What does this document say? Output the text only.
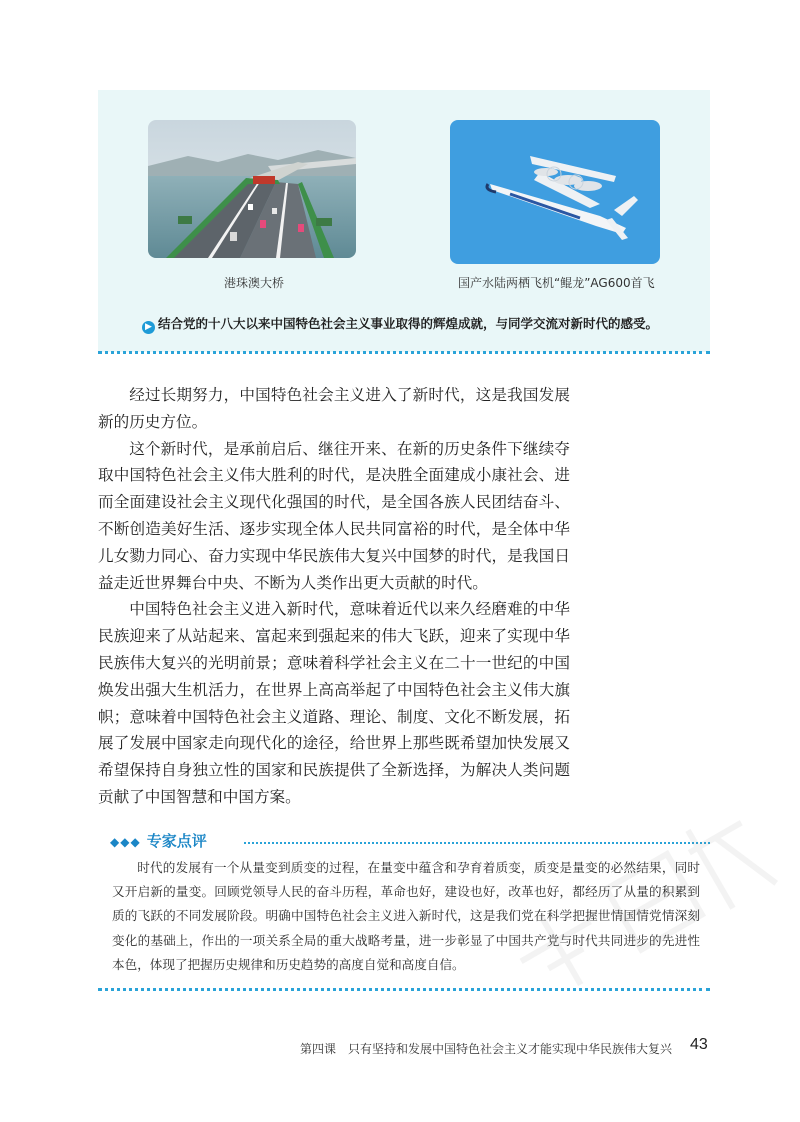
港珠澳大桥	国产水陆两栖飞机“鲲龙”AG600首飞
▶ 结合党的十八大以来中国特色社会主义事业取得的辉煌成就，与同学交流对新时代的感受。

经过长期努力，中国特色社会主义进入了新时代，这是我国发展新的历史方位。

这个新时代，是承前启后、继往开来、在新的历史条件下继续夺取中国特色社会主义伟大胜利的时代，是决胜全面建成小康社会、进而全面建设社会主义现代化强国的时代，是全国各族人民团结奋斗、不断创造美好生活、逐步实现全体人民共同富裕的时代，是全体中华儿女勠力同心、奋力实现中华民族伟大复兴中国梦的时代，是我国日益走近世界舞台中央、不断为人类作出更大贡献的时代。

中国特色社会主义进入新时代，意味着近代以来久经磨难的中华民族迎来了从站起来、富起来到强起来的伟大飞跃，迎来了实现中华民族伟大复兴的光明前景；意味着科学社会主义在二十一世纪的中国焕发出强大生机活力，在世界上高高举起了中国特色社会主义伟大旗帜；意味着中国特色社会主义道路、理论、制度、文化不断发展，拓展了发展中国家走向现代化的途径，给世界上那些既希望加快发展又希望保持自身独立性的国家和民族提供了全新选择，为解决人类问题贡献了中国智慧和中国方案。

◆◆◆ 专家点评

时代的发展有一个从量变到质变的过程，在量变中蕴含和孕育着质变，质变是量变的必然结果，同时又开启新的量变。回顾党领导人民的奋斗历程，革命也好，建设也好，改革也好，都经历了从量的积累到质的飞跃的不同发展阶段。明确中国特色社会主义进入新时代，这是我们党在科学把握世情国情党情深刻变化的基础上，作出的一项关系全局的重大战略考量，进一步彰显了中国共产党与时代共同进步的先进性本色，体现了把握历史规律和历史趋势的高度自觉和高度自信。

第四课　只有坚持和发展中国特色社会主义才能实现中华民族伟大复兴 43
